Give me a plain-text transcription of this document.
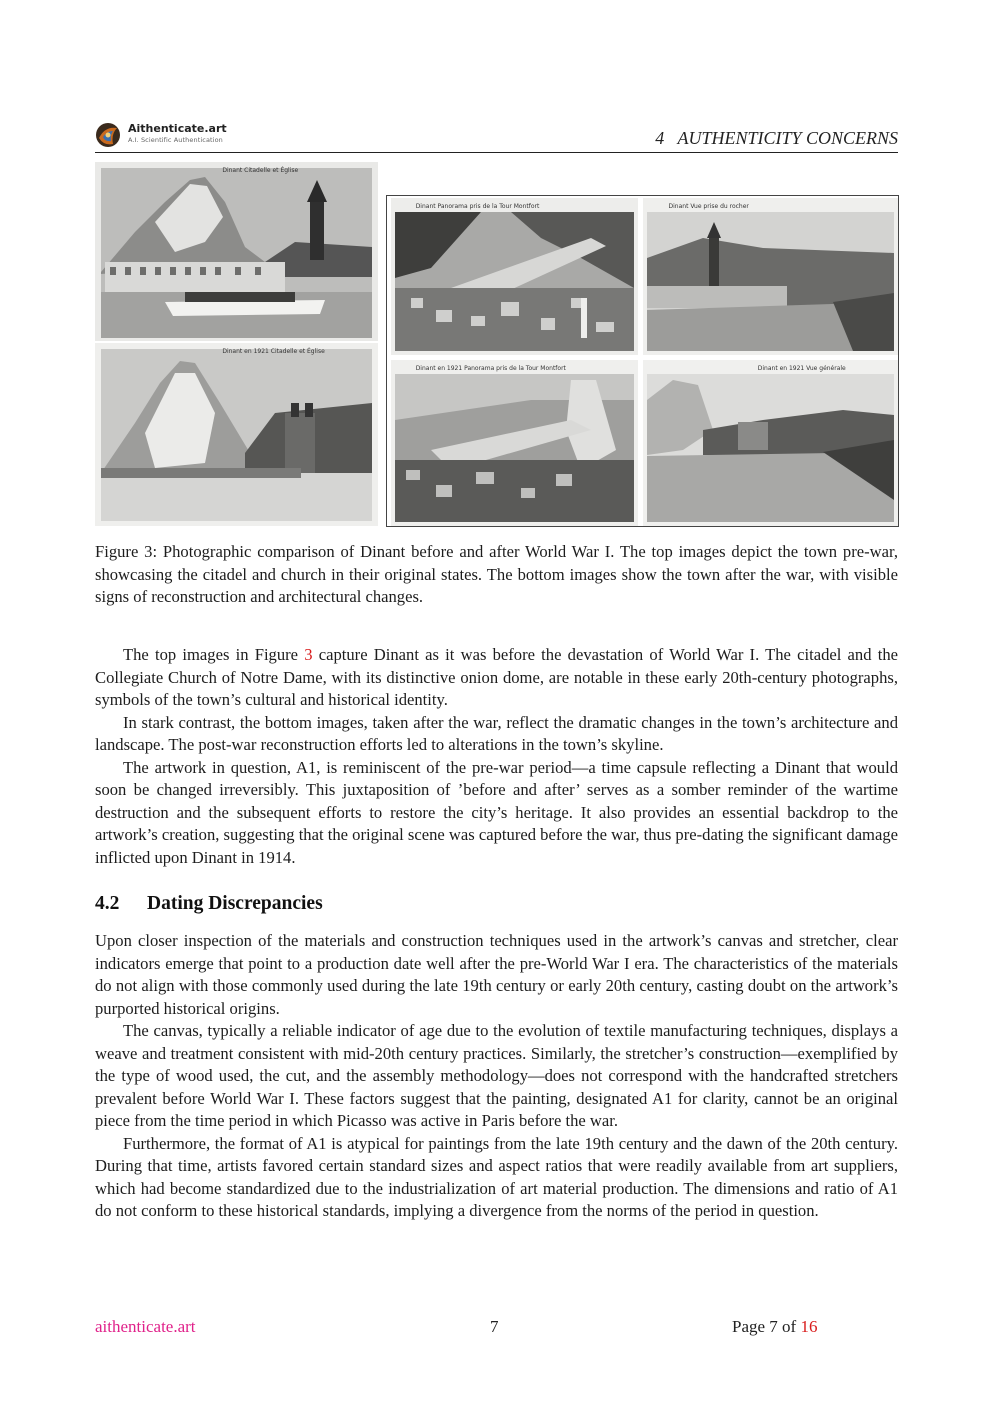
Aithenticate.art
A.I. Scientific Authentication	4   AUTHENTICITY CONCERNS
Dinant Citadelle et Église
Dinant en 1921 Citadelle et Église
Dinant Panorama pris de la Tour Montfort
Dinant en 1921 Panorama pris de la Tour Montfort
Dinant Vue prise du rocher
Dinant en 1921 Vue générale
Figure 3: Photographic comparison of Dinant before and after World War I. The top images depict the town pre-war, showcasing the citadel and church in their original states. The bottom images show the town after the war, with visible signs of reconstruction and architectural changes.

The top images in Figure 3 capture Dinant as it was before the devastation of World War I. The citadel and the Collegiate Church of Notre Dame, with its distinctive onion dome, are notable in these early 20th-century photographs, symbols of the town’s cultural and historical identity.

In stark contrast, the bottom images, taken after the war, reflect the dramatic changes in the town’s architecture and landscape. The post-war reconstruction efforts led to alterations in the town’s skyline.

The artwork in question, A1, is reminiscent of the pre-war period—a time capsule reflecting a Dinant that would soon be changed irreversibly. This juxtaposition of ’before and after’ serves as a somber reminder of the wartime destruction and the subsequent efforts to restore the city’s heritage. It also provides an essential backdrop to the artwork’s creation, suggesting that the original scene was captured before the war, thus pre-dating the significant damage inflicted upon Dinant in 1914.

4.2 Dating Discrepancies

Upon closer inspection of the materials and construction techniques used in the artwork’s canvas and stretcher, clear indicators emerge that point to a production date well after the pre-World War I era. The characteristics of the materials do not align with those commonly used during the late 19th century or early 20th century, casting doubt on the artwork’s purported historical origins.

The canvas, typically a reliable indicator of age due to the evolution of textile manufacturing techniques, displays a weave and treatment consistent with mid-20th century practices. Similarly, the stretcher’s construction—exemplified by the type of wood used, the cut, and the assembly methodology—does not correspond with the handcrafted stretchers prevalent before World War I. These factors suggest that the painting, designated A1 for clarity, cannot be an original piece from the time period in which Picasso was active in Paris before the war.

Furthermore, the format of A1 is atypical for paintings from the late 19th century and the dawn of the 20th century. During that time, artists favored certain standard sizes and aspect ratios that were readily available from art suppliers, which had become standardized due to the industrialization of art material production. The dimensions and ratio of A1 do not conform to these historical standards, implying a divergence from the norms of the period in question.

aithenticate.art	7	Page 7 of 16
